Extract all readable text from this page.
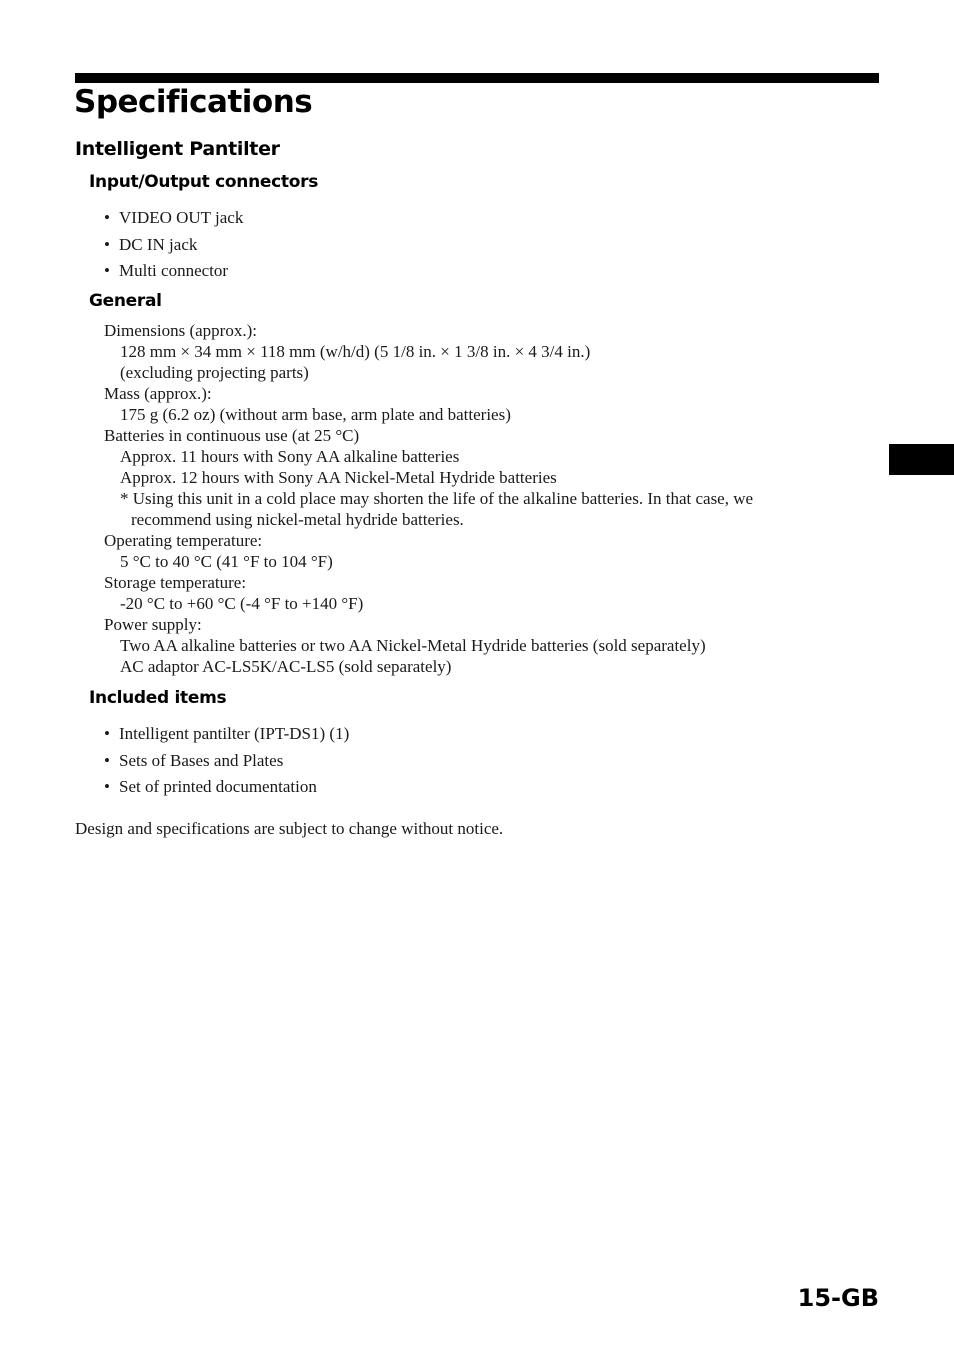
Specifications
Intelligent Pantilter
Input/Output connectors
• VIDEO OUT jack
• DC IN jack
• Multi connector
General
Dimensions (approx.):
128 mm × 34 mm × 118 mm (w/h/d) (5 1/8 in. × 1 3/8 in. × 4 3/4 in.)
(excluding projecting parts)
Mass (approx.):
175 g (6.2 oz) (without arm base, arm plate and batteries)
Batteries in continuous use (at 25 °C)
Approx. 11 hours with Sony AA alkaline batteries
Approx. 12 hours with Sony AA Nickel-Metal Hydride batteries
* Using this unit in a cold place may shorten the life of the alkaline batteries. In that case, we
recommend using nickel-metal hydride batteries.
Operating temperature:
5 °C to 40 °C (41 °F to 104 °F)
Storage temperature:
-20 °C to +60 °C (-4 °F to +140 °F)
Power supply:
Two AA alkaline batteries or two AA Nickel-Metal Hydride batteries (sold separately)
AC adaptor AC-LS5K/AC-LS5 (sold separately)
Included items
• Intelligent pantilter (IPT-DS1) (1)
• Sets of Bases and Plates
• Set of printed documentation
Design and specifications are subject to change without notice.
15-GB
